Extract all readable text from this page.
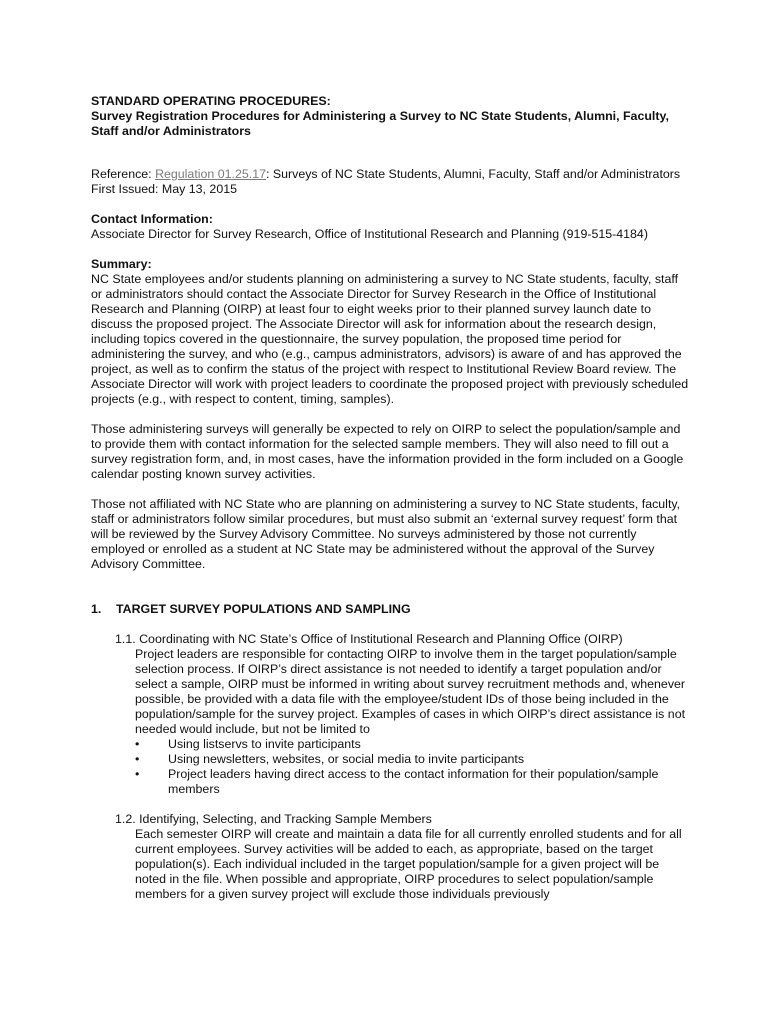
STANDARD OPERATING PROCEDURES:
Survey Registration Procedures for Administering a Survey to NC State Students, Alumni, Faculty, Staff and/or Administrators

Reference: Regulation 01.25.17: Surveys of NC State Students, Alumni, Faculty, Staff and/or Administrators

First Issued: May 13, 2015

Contact Information:

Associate Director for Survey Research, Office of Institutional Research and Planning (919-515-4184)

Summary:

NC State employees and/or students planning on administering a survey to NC State students, faculty, staff or administrators should contact the Associate Director for Survey Research in the Office of Institutional Research and Planning (OIRP) at least four to eight weeks prior to their planned survey launch date to discuss the proposed project. The Associate Director will ask for information about the research design, including topics covered in the questionnaire, the survey population, the proposed time period for administering the survey, and who (e.g., campus administrators, advisors) is aware of and has approved the project, as well as to confirm the status of the project with respect to Institutional Review Board review. The Associate Director will work with project leaders to coordinate the proposed project with previously scheduled projects (e.g., with respect to content, timing, samples).

Those administering surveys will generally be expected to rely on OIRP to select the population/sample and to provide them with contact information for the selected sample members. They will also need to fill out a survey registration form, and, in most cases, have the information provided in the form included on a Google calendar posting known survey activities.

Those not affiliated with NC State who are planning on administering a survey to NC State students, faculty, staff or administrators follow similar procedures, but must also submit an ‘external survey request’ form that will be reviewed by the Survey Advisory Committee. No surveys administered by those not currently employed or enrolled as a student at NC State may be administered without the approval of the Survey Advisory Committee.

1.	TARGET SURVEY POPULATIONS AND SAMPLING
1.1. Coordinating with NC State’s Office of Institutional Research and Planning Office (OIRP)

Project leaders are responsible for contacting OIRP to involve them in the target population/sample selection process. If OIRP’s direct assistance is not needed to identify a target population and/or select a sample, OIRP must be informed in writing about survey recruitment methods and, whenever possible, be provided with a data file with the employee/student IDs of those being included in the population/sample for the survey project. Examples of cases in which OIRP’s direct assistance is not needed would include, but not be limited to

•	Using listservs to invite participants
•	Using newsletters, websites, or social media to invite participants
•	Project leaders having direct access to the contact information for their population/sample members
1.2. Identifying, Selecting, and Tracking Sample Members

Each semester OIRP will create and maintain a data file for all currently enrolled students and for all current employees. Survey activities will be added to each, as appropriate, based on the target population(s). Each individual included in the target population/sample for a given project will be noted in the file. When possible and appropriate, OIRP procedures to select population/sample members for a given survey project will exclude those individuals previously
